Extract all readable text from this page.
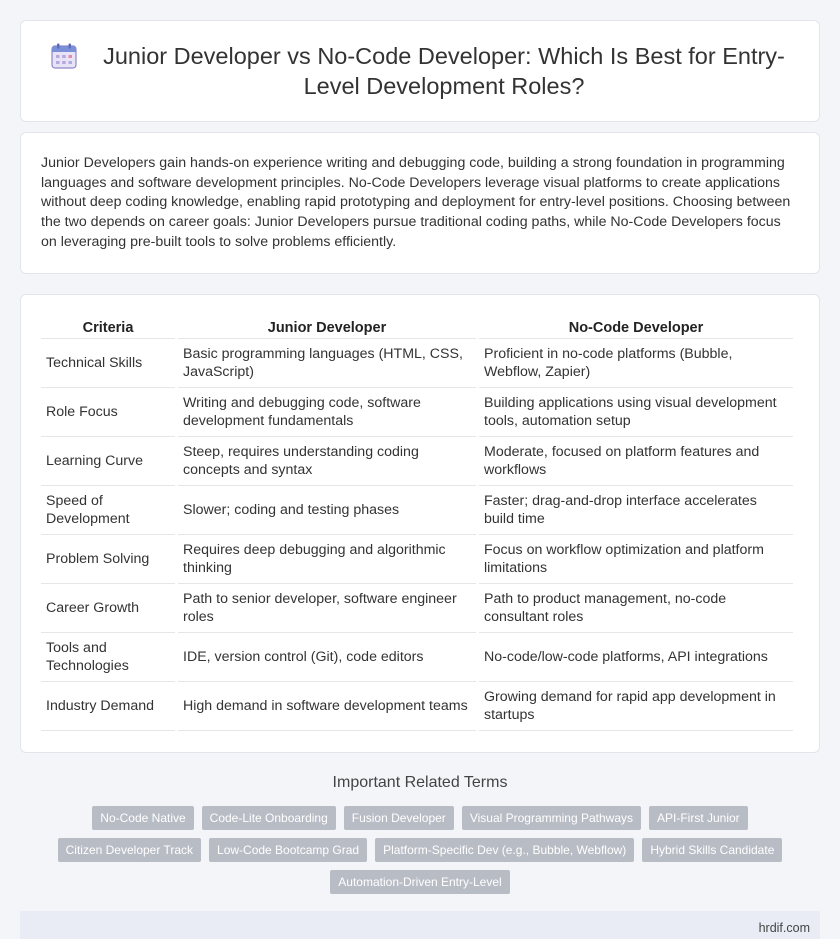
Junior Developer vs No-Code Developer: Which Is Best for Entry-Level Development Roles?

Junior Developers gain hands-on experience writing and debugging code, building a strong foundation in programming languages and software development principles. No-Code Developers leverage visual platforms to create applications without deep coding knowledge, enabling rapid prototyping and deployment for entry-level positions. Choosing between the two depends on career goals: Junior Developers pursue traditional coding paths, while No-Code Developers focus on leveraging pre-built tools to solve problems efficiently.

Criteria	Junior Developer	No-Code Developer
Technical Skills	Basic programming languages (HTML, CSS, JavaScript)	Proficient in no-code platforms (Bubble, Webflow, Zapier)
Role Focus	Writing and debugging code, software development fundamentals	Building applications using visual development tools, automation setup
Learning Curve	Steep, requires understanding coding concepts and syntax	Moderate, focused on platform features and workflows
Speed of Development	Slower; coding and testing phases	Faster; drag-and-drop interface accelerates build time
Problem Solving	Requires deep debugging and algorithmic thinking	Focus on workflow optimization and platform limitations
Career Growth	Path to senior developer, software engineer roles	Path to product management, no-code consultant roles
Tools and Technologies	IDE, version control (Git), code editors	No-code/low-code platforms, API integrations
Industry Demand	High demand in software development teams	Growing demand for rapid app development in startups
Important Related Terms
No-Code Native	Code-Lite Onboarding	Fusion Developer	Visual Programming Pathways	API-First Junior
Citizen Developer Track	Low-Code Bootcamp Grad	Platform-Specific Dev (e.g., Bubble, Webflow)	Hybrid Skills Candidate
Automation-Driven Entry-Level
hrdif.com
